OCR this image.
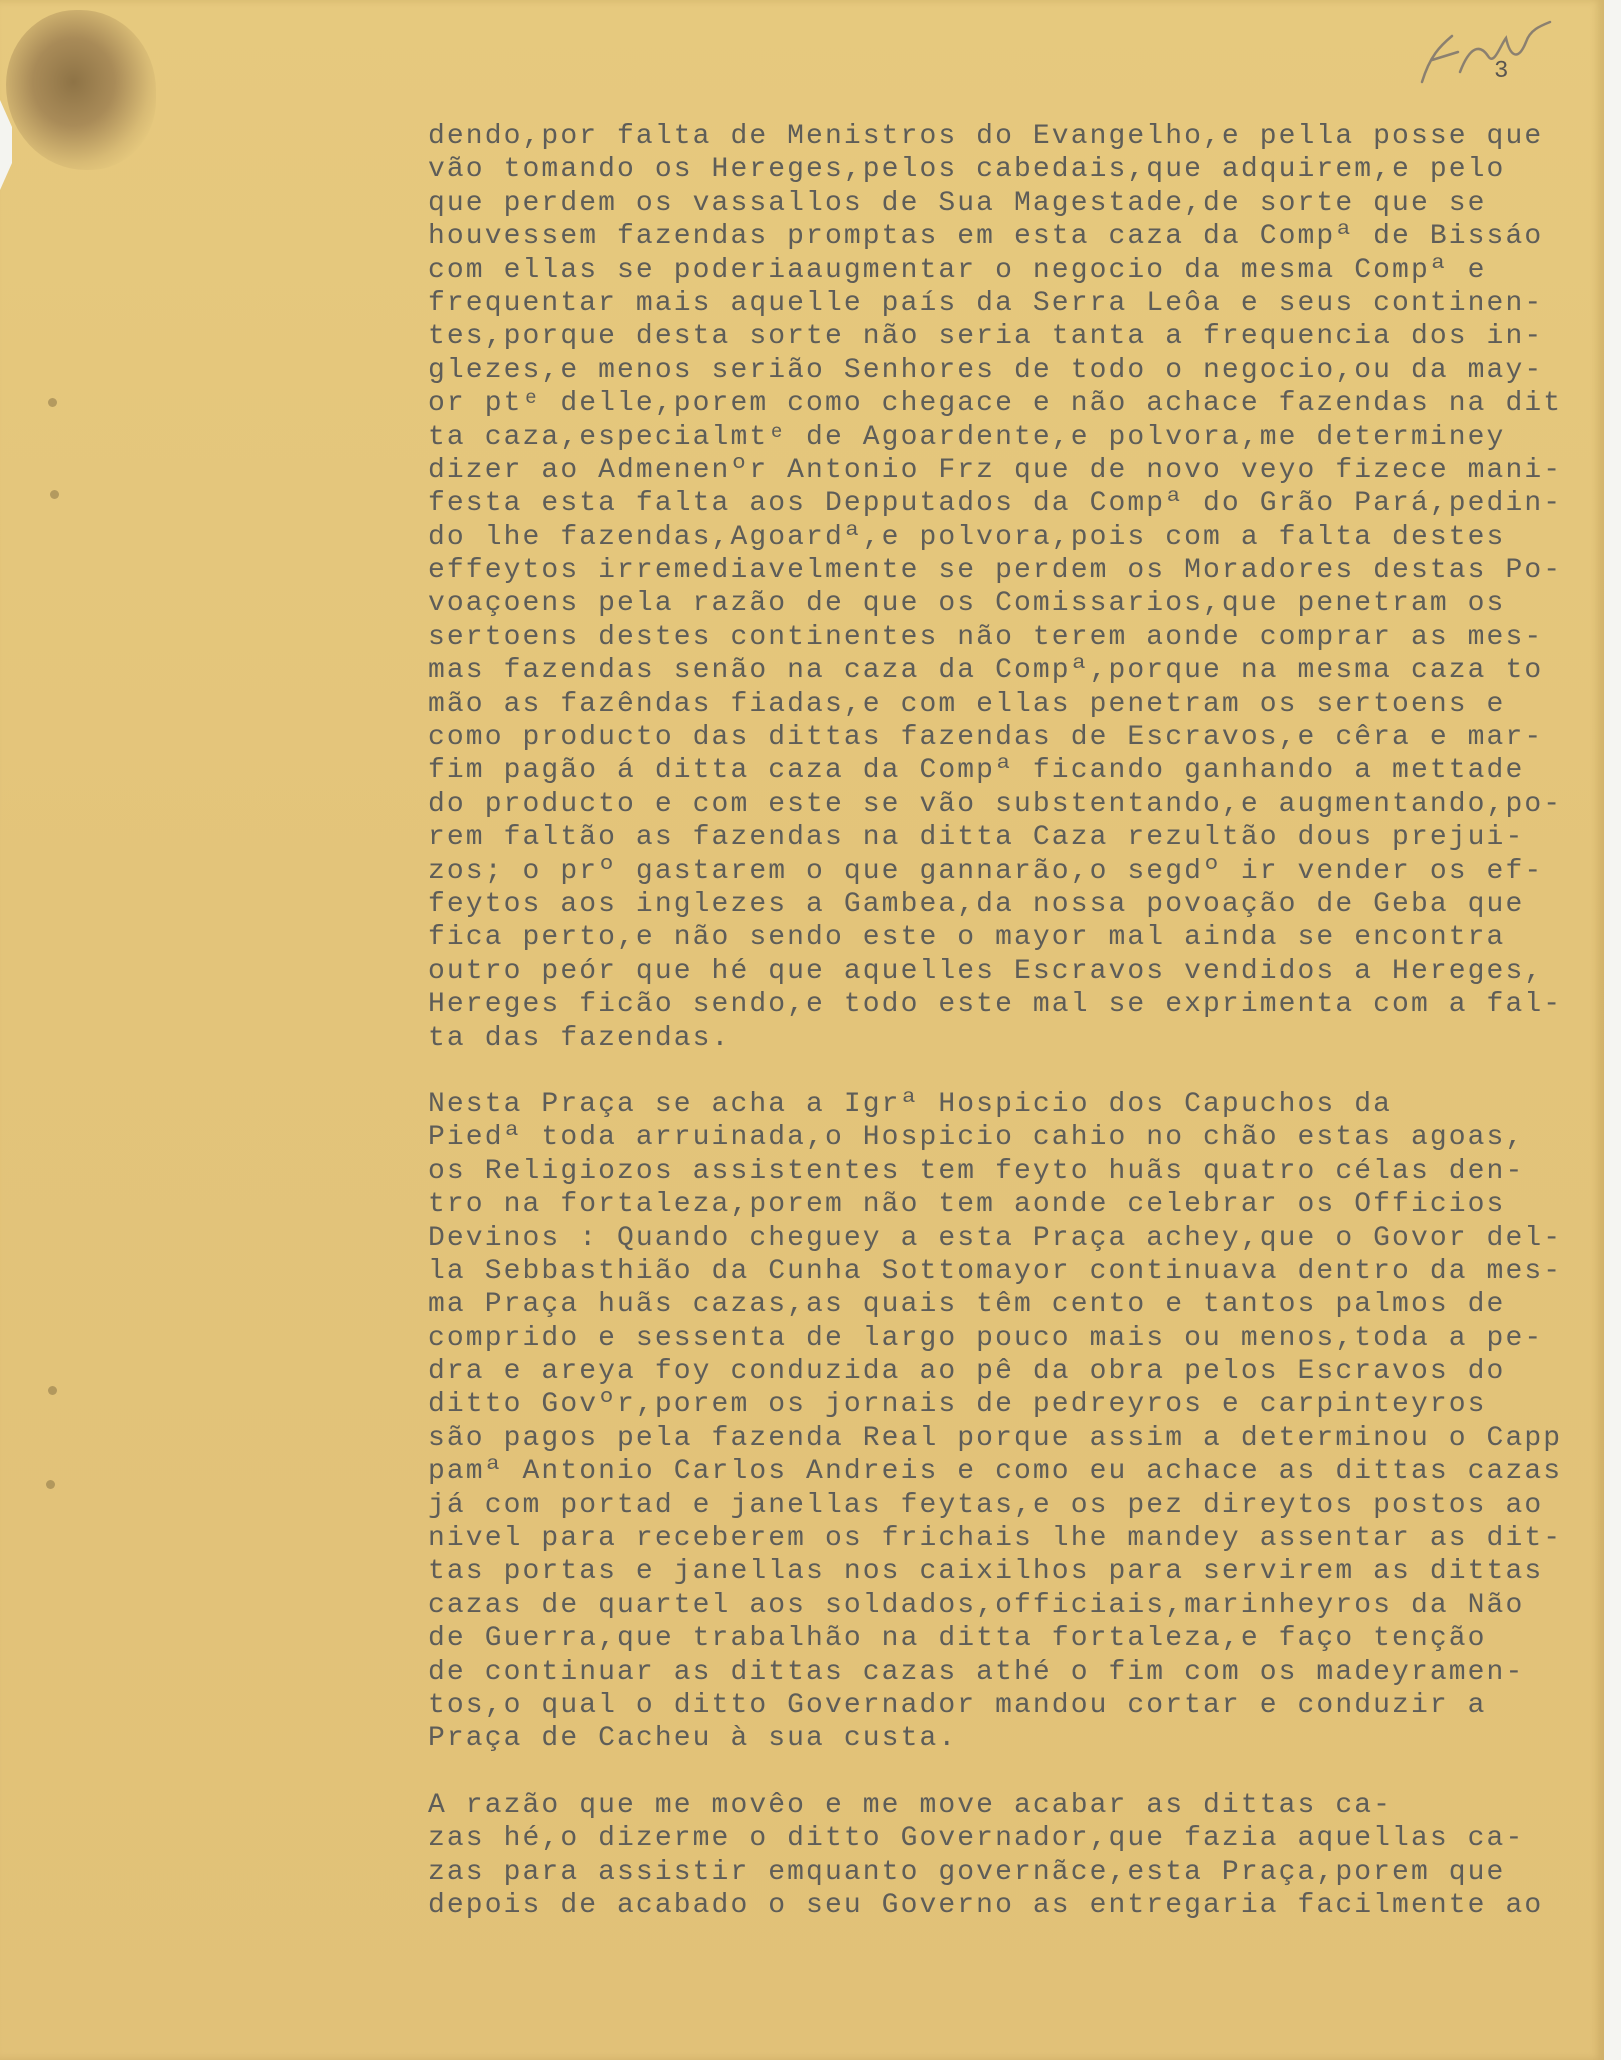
3
dendo,por falta de Menistros do Evangelho,e pella posse que
vão tomando os Hereges,pelos cabedais,que adquirem,e pelo
que perdem os vassallos de Sua Magestade,de sorte que se
houvessem fazendas promptas em esta caza da Compª de Bissáo
com ellas se poderiaaugmentar o negocio da mesma Compª e
frequentar mais aquelle país da Serra Leôa e seus continen-
tes,porque desta sorte não seria tanta a frequencia dos in-
glezes,e menos serião Senhores de todo o negocio,ou da may-
or ptᵉ delle,porem como chegace e não achace fazendas na dit
ta caza,especialmtᵉ de Agoardente,e polvora,me determiney
dizer ao Admenenºr Antonio Frz que de novo veyo fizece mani-
festa esta falta aos Depputados da Compª do Grão Pará,pedin-
do lhe fazendas,Agoardª,e polvora,pois com a falta destes
effeytos irremediavelmente se perdem os Moradores destas Po-
voaçoens pela razão de que os Comissarios,que penetram os
sertoens destes continentes não terem aonde comprar as mes-
mas fazendas senão na caza da Compª,porque na mesma caza to
mão as fazêndas fiadas,e com ellas penetram os sertoens e
como producto das dittas fazendas de Escravos,e cêra e mar-
fim pagão á ditta caza da Compª ficando ganhando a mettade
do producto e com este se vão substentando,e augmentando,po-
rem faltão as fazendas na ditta Caza rezultão dous prejui-
zos; o prº gastarem o que gannarão,o segdº ir vender os ef-
feytos aos inglezes a Gambea,da nossa povoação de Geba que
fica perto,e não sendo este o mayor mal ainda se encontra
outro peór que hé que aquelles Escravos vendidos a Hereges,
Hereges ficão sendo,e todo este mal se exprimenta com a fal-
ta das fazendas.
Nesta Praça se acha a Igrª Hospicio dos Capuchos da
Piedª toda arruinada,o Hospicio cahio no chão estas agoas,
os Religiozos assistentes tem feyto huãs quatro célas den-
tro na fortaleza,porem não tem aonde celebrar os Officios
Devinos : Quando cheguey a esta Praça achey,que o Govor del-
la Sebbasthião da Cunha Sottomayor continuava dentro da mes-
ma Praça huãs cazas,as quais têm cento e tantos palmos de
comprido e sessenta de largo pouco mais ou menos,toda a pe-
dra e areya foy conduzida ao pê da obra pelos Escravos do
ditto Govºr,porem os jornais de pedreyros e carpinteyros
são pagos pela fazenda Real porque assim a determinou o Capp
pamª Antonio Carlos Andreis e como eu achace as dittas cazas
já com portad e janellas feytas,e os pez direytos postos ao
nivel para receberem os frichais lhe mandey assentar as dit-
tas portas e janellas nos caixilhos para servirem as dittas
cazas de quartel aos soldados,officiais,marinheyros da Não
de Guerra,que trabalhão na ditta fortaleza,e faço tenção
de continuar as dittas cazas athé o fim com os madeyramen-
tos,o qual o ditto Governador mandou cortar e conduzir a
Praça de Cacheu à sua custa.
A razão que me movêo e me move acabar as dittas ca-
zas hé,o dizerme o ditto Governador,que fazia aquellas ca-
zas para assistir emquanto governãce,esta Praça,porem que
depois de acabado o seu Governo as entregaria facilmente ao
